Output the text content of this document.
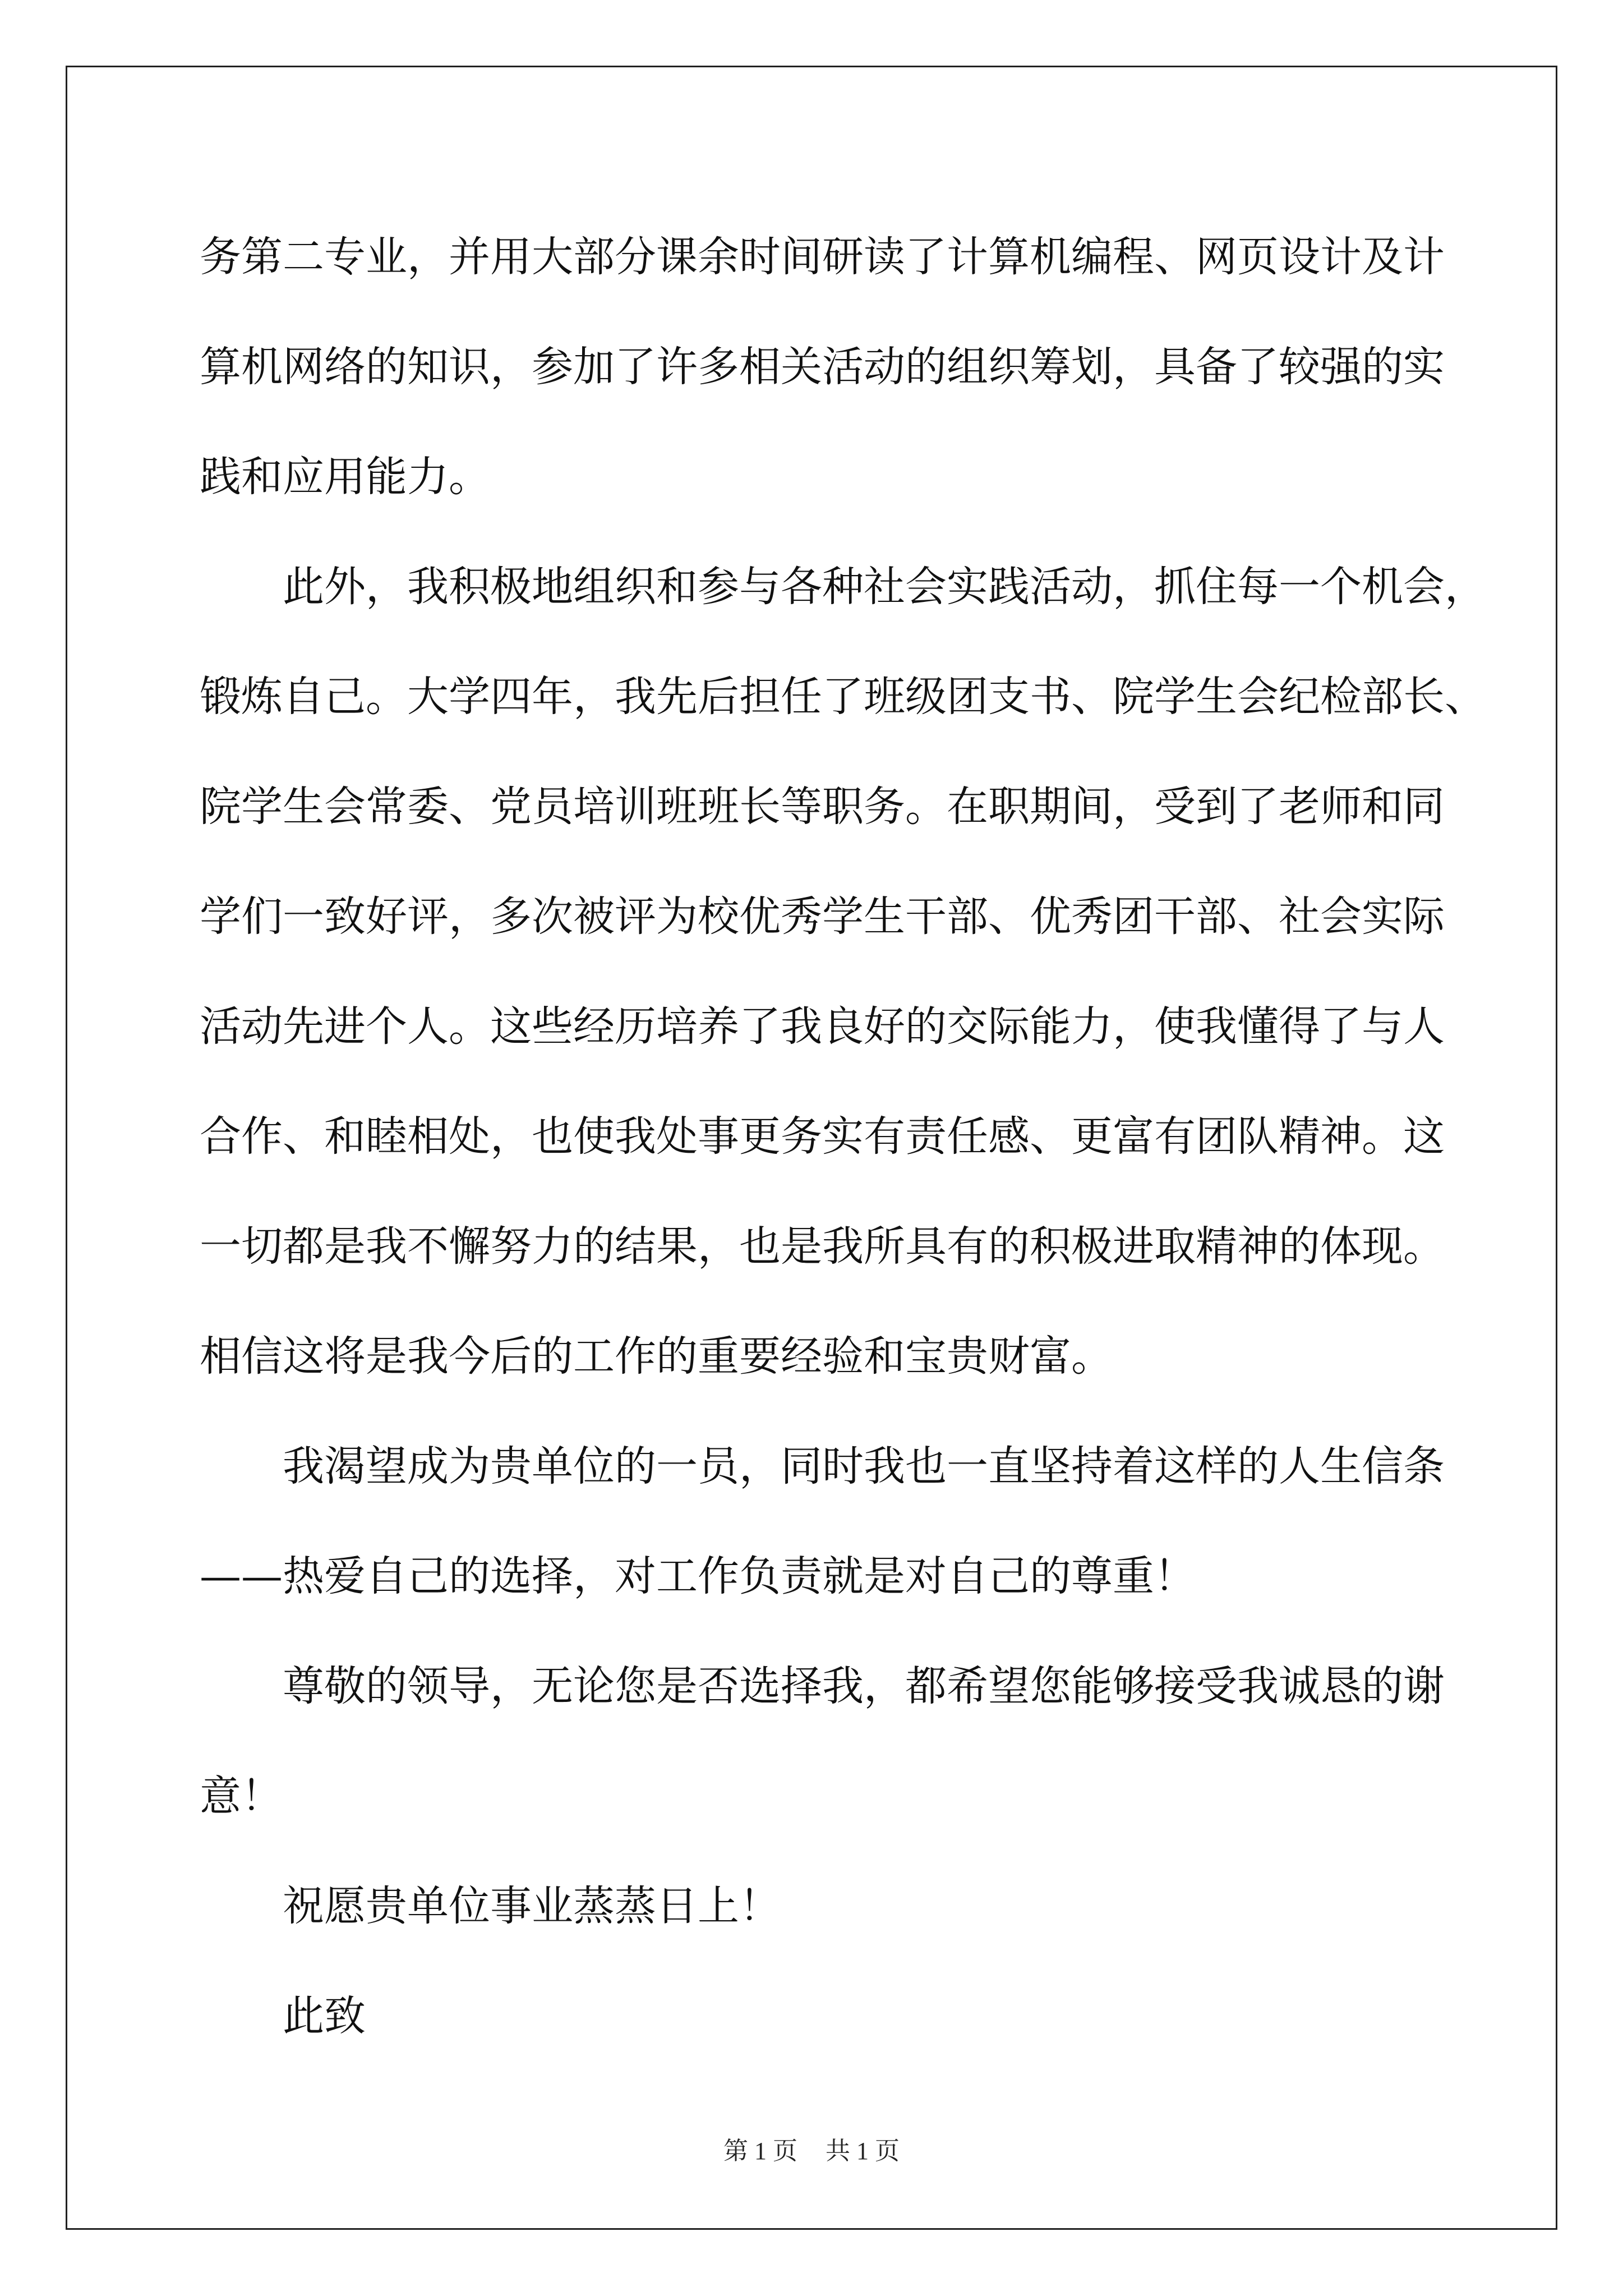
务第二专业，并用大部分课余时间研读了计算机编程、网页设计及计
算机网络的知识，参加了许多相关活动的组织筹划，具备了较强的实
践和应用能力。
此外，我积极地组织和参与各种社会实践活动，抓住每一个机会，
锻炼自己。大学四年，我先后担任了班级团支书、院学生会纪检部长、
院学生会常委、党员培训班班长等职务。在职期间，受到了老师和同
学们一致好评，多次被评为校优秀学生干部、优秀团干部、社会实际
活动先进个人。这些经历培养了我良好的交际能力，使我懂得了与人
合作、和睦相处，也使我处事更务实有责任感、更富有团队精神。这
一切都是我不懈努力的结果，也是我所具有的积极进取精神的体现。
相信这将是我今后的工作的重要经验和宝贵财富。
我渴望成为贵单位的一员，同时我也一直坚持着这样的人生信条
——热爱自己的选择，对工作负责就是对自己的尊重！
尊敬的领导，无论您是否选择我，都希望您能够接受我诚恳的谢
意！
祝愿贵单位事业蒸蒸日上！
此致
第 1 页 共 1 页
